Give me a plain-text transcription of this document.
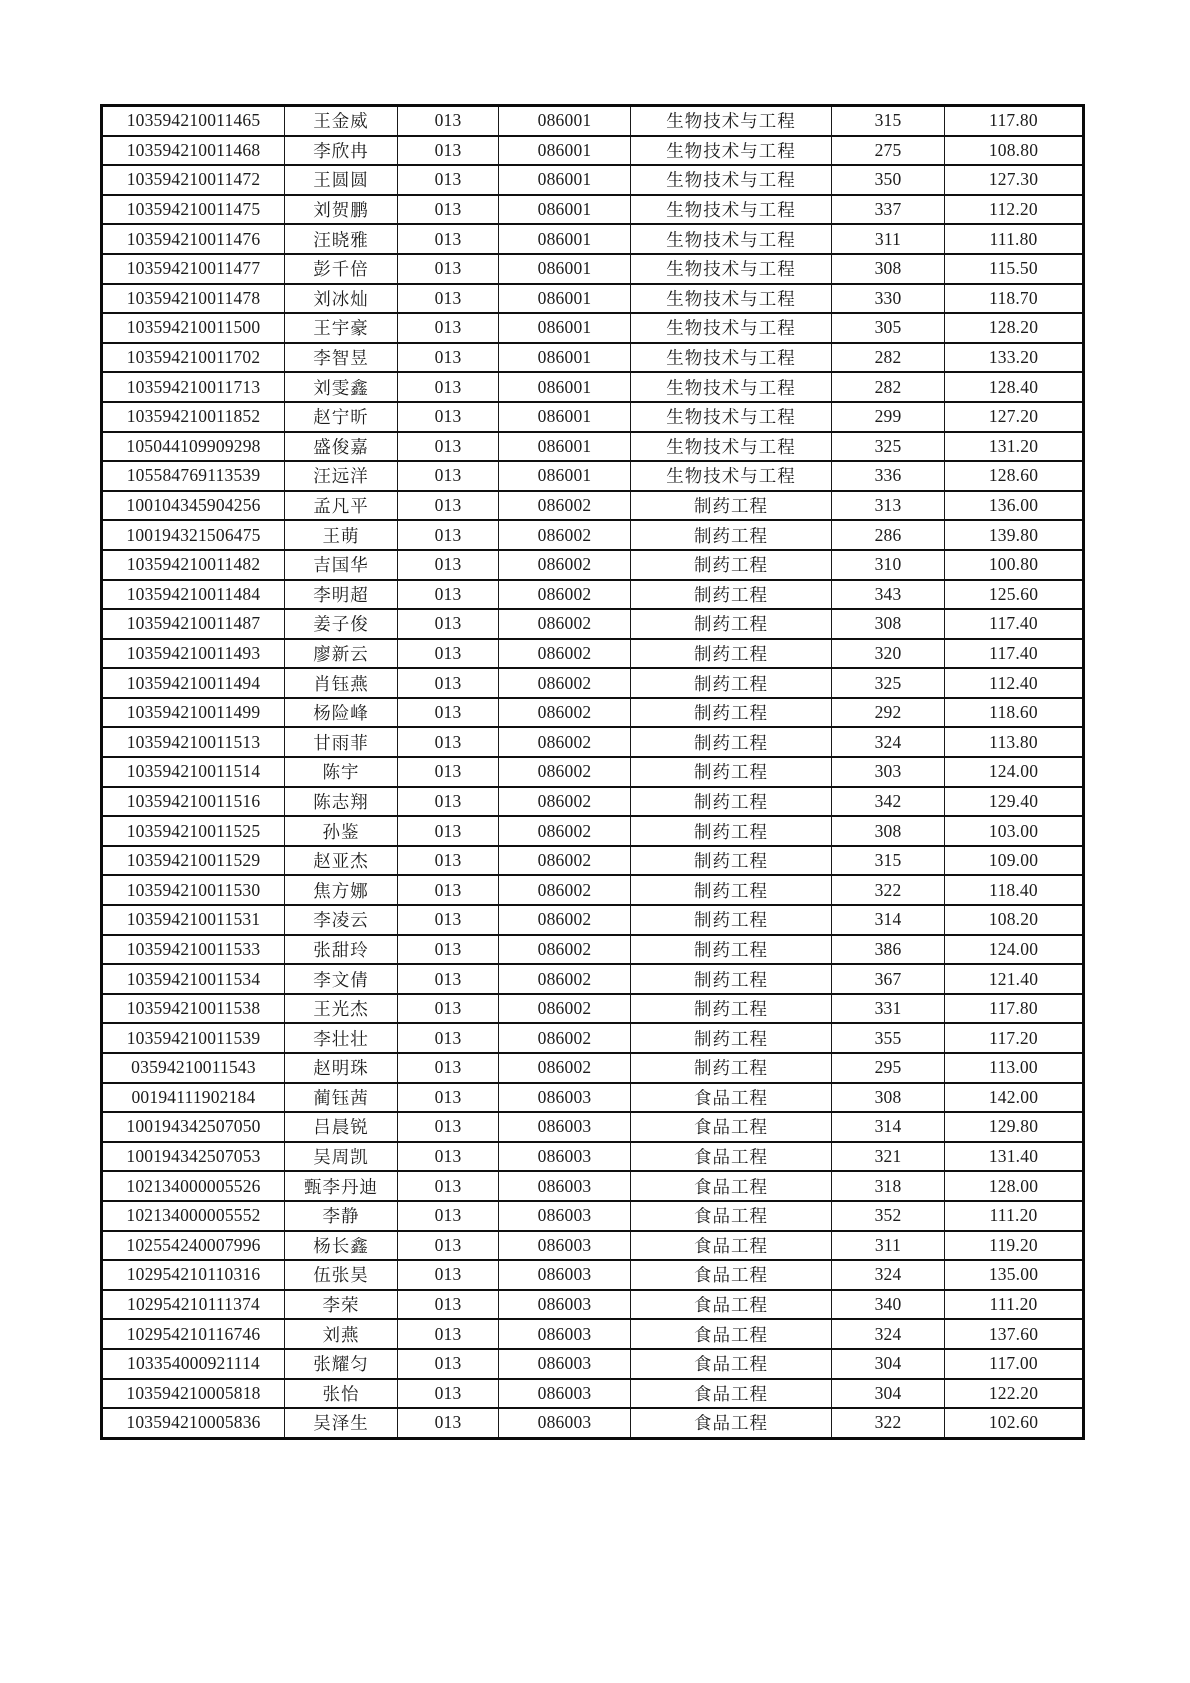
103594210011465	王金威	013	086001	生物技术与工程	315	117.80
103594210011468	李欣冉	013	086001	生物技术与工程	275	108.80
103594210011472	王圆圆	013	086001	生物技术与工程	350	127.30
103594210011475	刘贺鹏	013	086001	生物技术与工程	337	112.20
103594210011476	汪晓雅	013	086001	生物技术与工程	311	111.80
103594210011477	彭千倍	013	086001	生物技术与工程	308	115.50
103594210011478	刘冰灿	013	086001	生物技术与工程	330	118.70
103594210011500	王宇豪	013	086001	生物技术与工程	305	128.20
103594210011702	李智昱	013	086001	生物技术与工程	282	133.20
103594210011713	刘雯鑫	013	086001	生物技术与工程	282	128.40
103594210011852	赵宁昕	013	086001	生物技术与工程	299	127.20
105044109909298	盛俊嘉	013	086001	生物技术与工程	325	131.20
105584769113539	汪远洋	013	086001	生物技术与工程	336	128.60
100104345904256	孟凡平	013	086002	制药工程	313	136.00
100194321506475	王萌	013	086002	制药工程	286	139.80
103594210011482	吉国华	013	086002	制药工程	310	100.80
103594210011484	李明超	013	086002	制药工程	343	125.60
103594210011487	姜子俊	013	086002	制药工程	308	117.40
103594210011493	廖新云	013	086002	制药工程	320	117.40
103594210011494	肖钰燕	013	086002	制药工程	325	112.40
103594210011499	杨险峰	013	086002	制药工程	292	118.60
103594210011513	甘雨菲	013	086002	制药工程	324	113.80
103594210011514	陈宇	013	086002	制药工程	303	124.00
103594210011516	陈志翔	013	086002	制药工程	342	129.40
103594210011525	孙鉴	013	086002	制药工程	308	103.00
103594210011529	赵亚杰	013	086002	制药工程	315	109.00
103594210011530	焦方娜	013	086002	制药工程	322	118.40
103594210011531	李凌云	013	086002	制药工程	314	108.20
103594210011533	张甜玲	013	086002	制药工程	386	124.00
103594210011534	李文倩	013	086002	制药工程	367	121.40
103594210011538	王光杰	013	086002	制药工程	331	117.80
103594210011539	李壮壮	013	086002	制药工程	355	117.20
03594210011543	赵明珠	013	086002	制药工程	295	113.00
00194111902184	蔺钰茜	013	086003	食品工程	308	142.00
100194342507050	吕晨锐	013	086003	食品工程	314	129.80
100194342507053	吴周凯	013	086003	食品工程	321	131.40
102134000005526	甄李丹迪	013	086003	食品工程	318	128.00
102134000005552	李静	013	086003	食品工程	352	111.20
102554240007996	杨长鑫	013	086003	食品工程	311	119.20
102954210110316	伍张昊	013	086003	食品工程	324	135.00
102954210111374	李荣	013	086003	食品工程	340	111.20
102954210116746	刘燕	013	086003	食品工程	324	137.60
103354000921114	张耀匀	013	086003	食品工程	304	117.00
103594210005818	张怡	013	086003	食品工程	304	122.20
103594210005836	吴泽生	013	086003	食品工程	322	102.60
